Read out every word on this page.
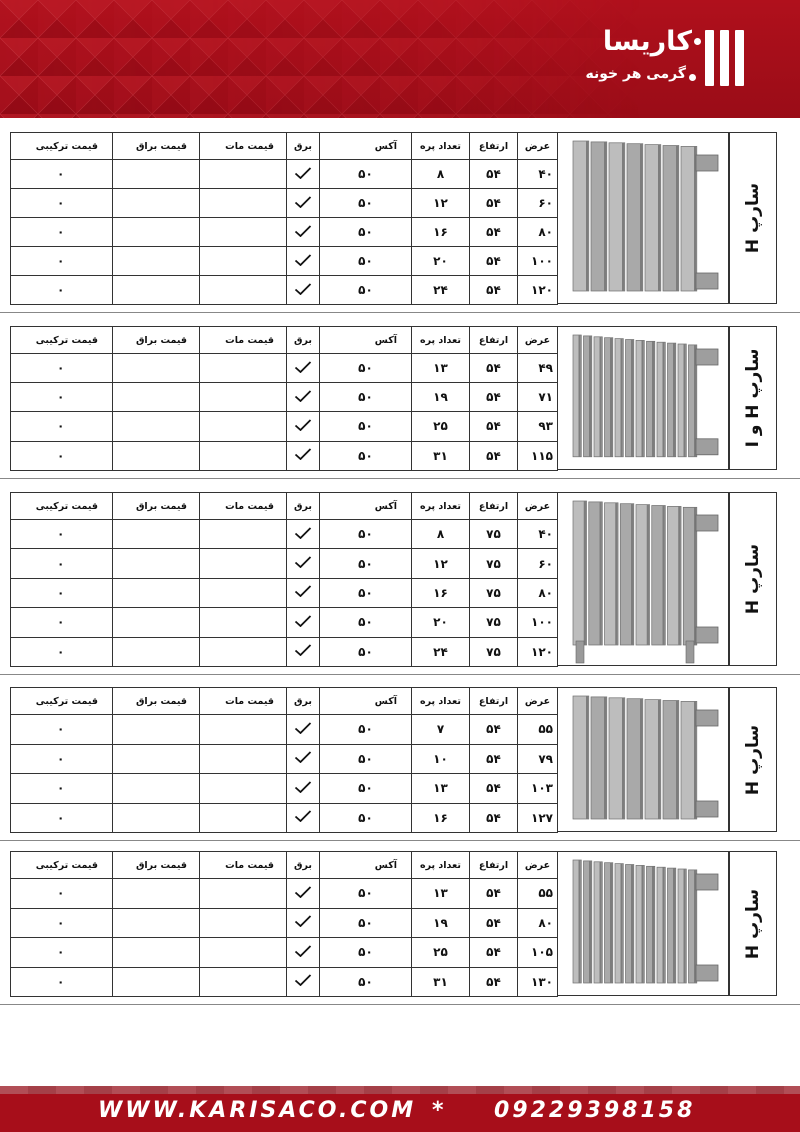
کاریسا
گرمی هر خونه
عرض	ارتفاع	تعداد پره	آکس	برق	قیمت مات	قیمت براق	قیمت ترکیبی
۴۰	۵۴	۸	۵۰				۰
۶۰	۵۴	۱۲	۵۰				۰
۸۰	۵۴	۱۶	۵۰				۰
۱۰۰	۵۴	۲۰	۵۰				۰
۱۲۰	۵۴	۲۴	۵۰				۰
سارپ H
عرض	ارتفاع	تعداد پره	آکس	برق	قیمت مات	قیمت براق	قیمت ترکیبی
۴۹	۵۴	۱۳	۵۰				۰
۷۱	۵۴	۱۹	۵۰				۰
۹۳	۵۴	۲۵	۵۰				۰
۱۱۵	۵۴	۳۱	۵۰				۰
سارپ H و I
عرض	ارتفاع	تعداد پره	آکس	برق	قیمت مات	قیمت براق	قیمت ترکیبی
۴۰	۷۵	۸	۵۰				۰
۶۰	۷۵	۱۲	۵۰				۰
۸۰	۷۵	۱۶	۵۰				۰
۱۰۰	۷۵	۲۰	۵۰				۰
۱۲۰	۷۵	۲۴	۵۰				۰
سارپ H
عرض	ارتفاع	تعداد پره	آکس	برق	قیمت مات	قیمت براق	قیمت ترکیبی
۵۵	۵۴	۷	۵۰				۰
۷۹	۵۴	۱۰	۵۰				۰
۱۰۳	۵۴	۱۳	۵۰				۰
۱۲۷	۵۴	۱۶	۵۰				۰
سارپ H
عرض	ارتفاع	تعداد پره	آکس	برق	قیمت مات	قیمت براق	قیمت ترکیبی
۵۵	۵۴	۱۳	۵۰				۰
۸۰	۵۴	۱۹	۵۰				۰
۱۰۵	۵۴	۲۵	۵۰				۰
۱۳۰	۵۴	۳۱	۵۰				۰
سارپ H
WWW.KARISACO.COM * 09229398158
